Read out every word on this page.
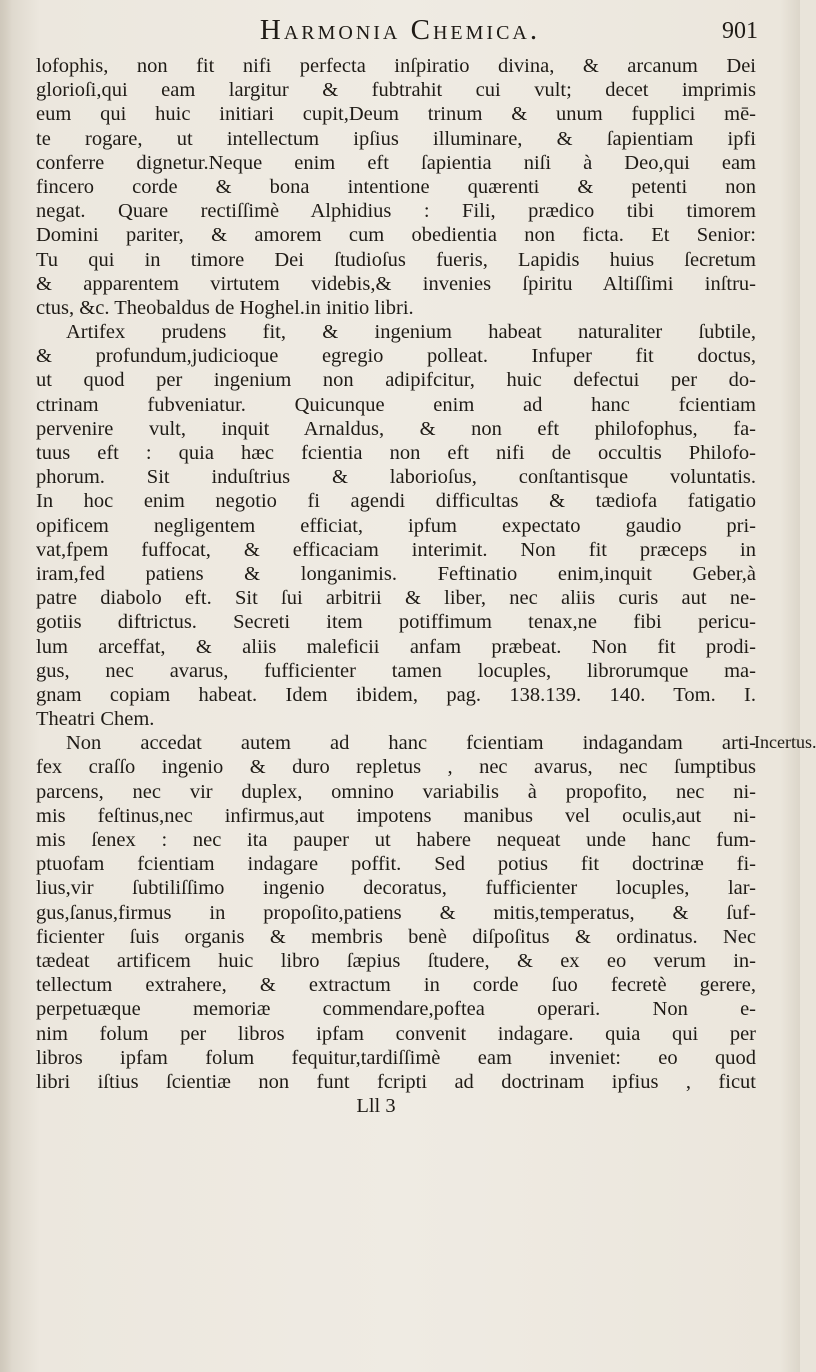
Harmonia Chemica.	901
lofophis, non fit nifi perfecta inſpiratio divina, & arcanum Dei
glorioſi,qui eam largitur & fubtrahit cui vult; decet imprimis
eum qui huic initiari cupit,Deum trinum & unum fupplici mē-
te rogare, ut intellectum ipſius illuminare, & ſapientiam ipfi
conferre dignetur.Neque enim eft ſapientia niſi à Deo,qui eam
fincero corde & bona intentione quærenti & petenti non
negat. Quare rectiſſimè Alphidius : Fili, prædico tibi timorem
Domini pariter, & amorem cum obedientia non ficta. Et Senior:
Tu qui in timore Dei ſtudioſus fueris, Lapidis huius ſecretum
& apparentem virtutem videbis,& invenies ſpiritu Altiſſimi inſtru-
ctus, &c. Theobaldus de Hoghel.in initio libri.
Artifex prudens fit, & ingenium habeat naturaliter ſubtile,
& profundum,judicioque egregio polleat. Infuper fit doctus,
ut quod per ingenium non adipifcitur, huic defectui per do-
ctrinam fubveniatur. Quicunque enim ad hanc fcientiam
pervenire vult, inquit Arnaldus, & non eft philofophus, fa-
tuus eft : quia hæc fcientia non eft nifi de occultis Philofo-
phorum. Sit induſtrius & laborioſus, conſtantisque voluntatis.
In hoc enim negotio fi agendi difficultas & tædiofa fatigatio
opificem negligentem efficiat, ipfum expectato gaudio pri-
vat,fpem fuffocat, & efficaciam interimit. Non fit præceps in
iram,fed patiens & longanimis. Feftinatio enim,inquit Geber,à
patre diabolo eft. Sit ſui arbitrii & liber, nec aliis curis aut ne-
gotiis diftrictus. Secreti item potiffimum tenax,ne fibi pericu-
lum arceffat, & aliis maleficii anfam præbeat. Non fit prodi-
gus, nec avarus, fufficienter tamen locuples, librorumque ma-
gnam copiam habeat. Idem ibidem, pag. 138.139. 140. Tom. I.
Theatri Chem.
Non accedat autem ad hanc fcientiam indagandam arti-
fex craſſo ingenio & duro repletus , nec avarus, nec ſumptibus
parcens, nec vir duplex, omnino variabilis à propofito, nec ni-
mis feſtinus,nec infirmus,aut impotens manibus vel oculis,aut ni-
mis ſenex : nec ita pauper ut habere nequeat unde hanc fum-
ptuofam fcientiam indagare poffit. Sed potius fit doctrinæ fi-
lius,vir ſubtiliſſimo ingenio decoratus, fufficienter locuples, lar-
gus,ſanus,firmus in propoſito,patiens & mitis,temperatus, & ſuf-
ficienter ſuis organis & membris benè diſpoſitus & ordinatus. Nec
tædeat artificem huic libro ſæpius ſtudere, & ex eo verum in-
tellectum extrahere, & extractum in corde ſuo fecretè gerere,
perpetuæque memoriæ commendare,poftea operari. Non e-
nim folum per libros ipfam convenit indagare. quia qui per
libros ipfam folum fequitur,tardiſſimè eam inveniet: eo quod
libri iſtius ſcientiæ non funt fcripti ad doctrinam ipfius , ficut
Incertus.
Lll 3
